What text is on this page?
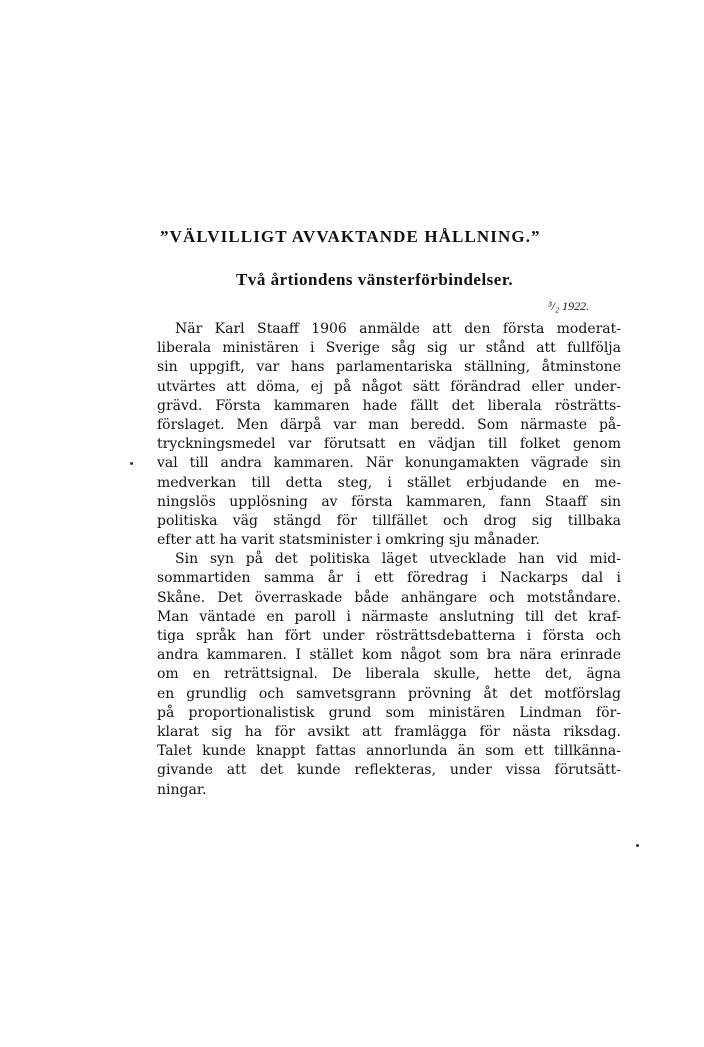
”VÄLVILLIGT AVVAKTANDE HÅLLNING.”
Två årtiondens vänsterförbindelser.
³/₂ 1922.
När Karl Staaff 1906 anmälde att den första moderat-
liberala ministären i Sverige såg sig ur stånd att fullfölja
sin uppgift, var hans parlamentariska ställning, åtminstone
utvärtes att döma, ej på något sätt förändrad eller under-
grävd. Första kammaren hade fällt det liberala rösträtts-
förslaget. Men därpå var man beredd. Som närmaste på-
tryckningsmedel var förutsatt en vädjan till folket genom
val till andra kammaren. När konungamakten vägrade sin
medverkan till detta steg, i stället erbjudande en me-
ningslös upplösning av första kammaren, fann Staaff sin
politiska väg stängd för tillfället och drog sig tillbaka
efter att ha varit statsminister i omkring sju månader.
Sin syn på det politiska läget utvecklade han vid mid-
sommartiden samma år i ett föredrag i Nackarps dal i
Skåne. Det överraskade både anhängare och motståndare.
Man väntade en paroll i närmaste anslutning till det kraf-
tiga språk han fört under rösträttsdebatterna i första och
andra kammaren. I stället kom något som bra nära erinrade
om en reträttsignal. De liberala skulle, hette det, ägna
en grundlig och samvetsgrann prövning åt det motförslag
på proportionalistisk grund som ministären Lindman för-
klarat sig ha för avsikt att framlägga för nästa riksdag.
Talet kunde knappt fattas annorlunda än som ett tillkänna-
givande att det kunde reflekteras, under vissa förutsätt-
ningar.
